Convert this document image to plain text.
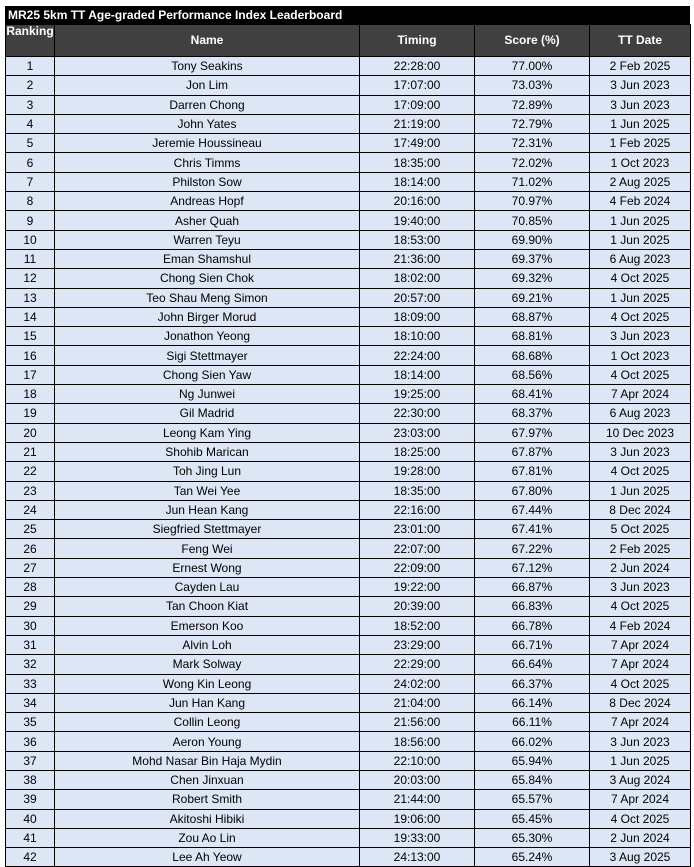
MR25 5km TT Age-graded Performance Index Leaderboard
Ranking	Name	Timing	Score (%)	TT Date
1	Tony Seakins	22:28:00	77.00%	2 Feb 2025
2	Jon Lim	17:07:00	73.03%	3 Jun 2023
3	Darren Chong	17:09:00	72.89%	3 Jun 2023
4	John Yates	21:19:00	72.79%	1 Jun 2025
5	Jeremie Houssineau	17:49:00	72.31%	1 Feb 2025
6	Chris Timms	18:35:00	72.02%	1 Oct 2023
7	Philston Sow	18:14:00	71.02%	2 Aug 2025
8	Andreas Hopf	20:16:00	70.97%	4 Feb 2024
9	Asher Quah	19:40:00	70.85%	1 Jun 2025
10	Warren Teyu	18:53:00	69.90%	1 Jun 2025
11	Eman Shamshul	21:36:00	69.37%	6 Aug 2023
12	Chong Sien Chok	18:02:00	69.32%	4 Oct 2025
13	Teo Shau Meng Simon	20:57:00	69.21%	1 Jun 2025
14	John Birger Morud	18:09:00	68.87%	4 Oct 2025
15	Jonathon Yeong	18:10:00	68.81%	3 Jun 2023
16	Sigi Stettmayer	22:24:00	68.68%	1 Oct 2023
17	Chong Sien Yaw	18:14:00	68.56%	4 Oct 2025
18	Ng Junwei	19:25:00	68.41%	7 Apr 2024
19	Gil Madrid	22:30:00	68.37%	6 Aug 2023
20	Leong Kam Ying	23:03:00	67.97%	10 Dec 2023
21	Shohib Marican	18:25:00	67.87%	3 Jun 2023
22	Toh Jing Lun	19:28:00	67.81%	4 Oct 2025
23	Tan Wei Yee	18:35:00	67.80%	1 Jun 2025
24	Jun Hean Kang	22:16:00	67.44%	8 Dec 2024
25	Siegfried Stettmayer	23:01:00	67.41%	5 Oct 2025
26	Feng Wei	22:07:00	67.22%	2 Feb 2025
27	Ernest Wong	22:09:00	67.12%	2 Jun 2024
28	Cayden Lau	19:22:00	66.87%	3 Jun 2023
29	Tan Choon Kiat	20:39:00	66.83%	4 Oct 2025
30	Emerson Koo	18:52:00	66.78%	4 Feb 2024
31	Alvin Loh	23:29:00	66.71%	7 Apr 2024
32	Mark Solway	22:29:00	66.64%	7 Apr 2024
33	Wong Kin Leong	24:02:00	66.37%	4 Oct 2025
34	Jun Han Kang	21:04:00	66.14%	8 Dec 2024
35	Collin Leong	21:56:00	66.11%	7 Apr 2024
36	Aeron Young	18:56:00	66.02%	3 Jun 2023
37	Mohd Nasar Bin Haja Mydin	22:10:00	65.94%	1 Jun 2025
38	Chen Jinxuan	20:03:00	65.84%	3 Aug 2024
39	Robert Smith	21:44:00	65.57%	7 Apr 2024
40	Akitoshi Hibiki	19:06:00	65.45%	4 Oct 2025
41	Zou Ao Lin	19:33:00	65.30%	2 Jun 2024
42	Lee Ah Yeow	24:13:00	65.24%	3 Aug 2025
